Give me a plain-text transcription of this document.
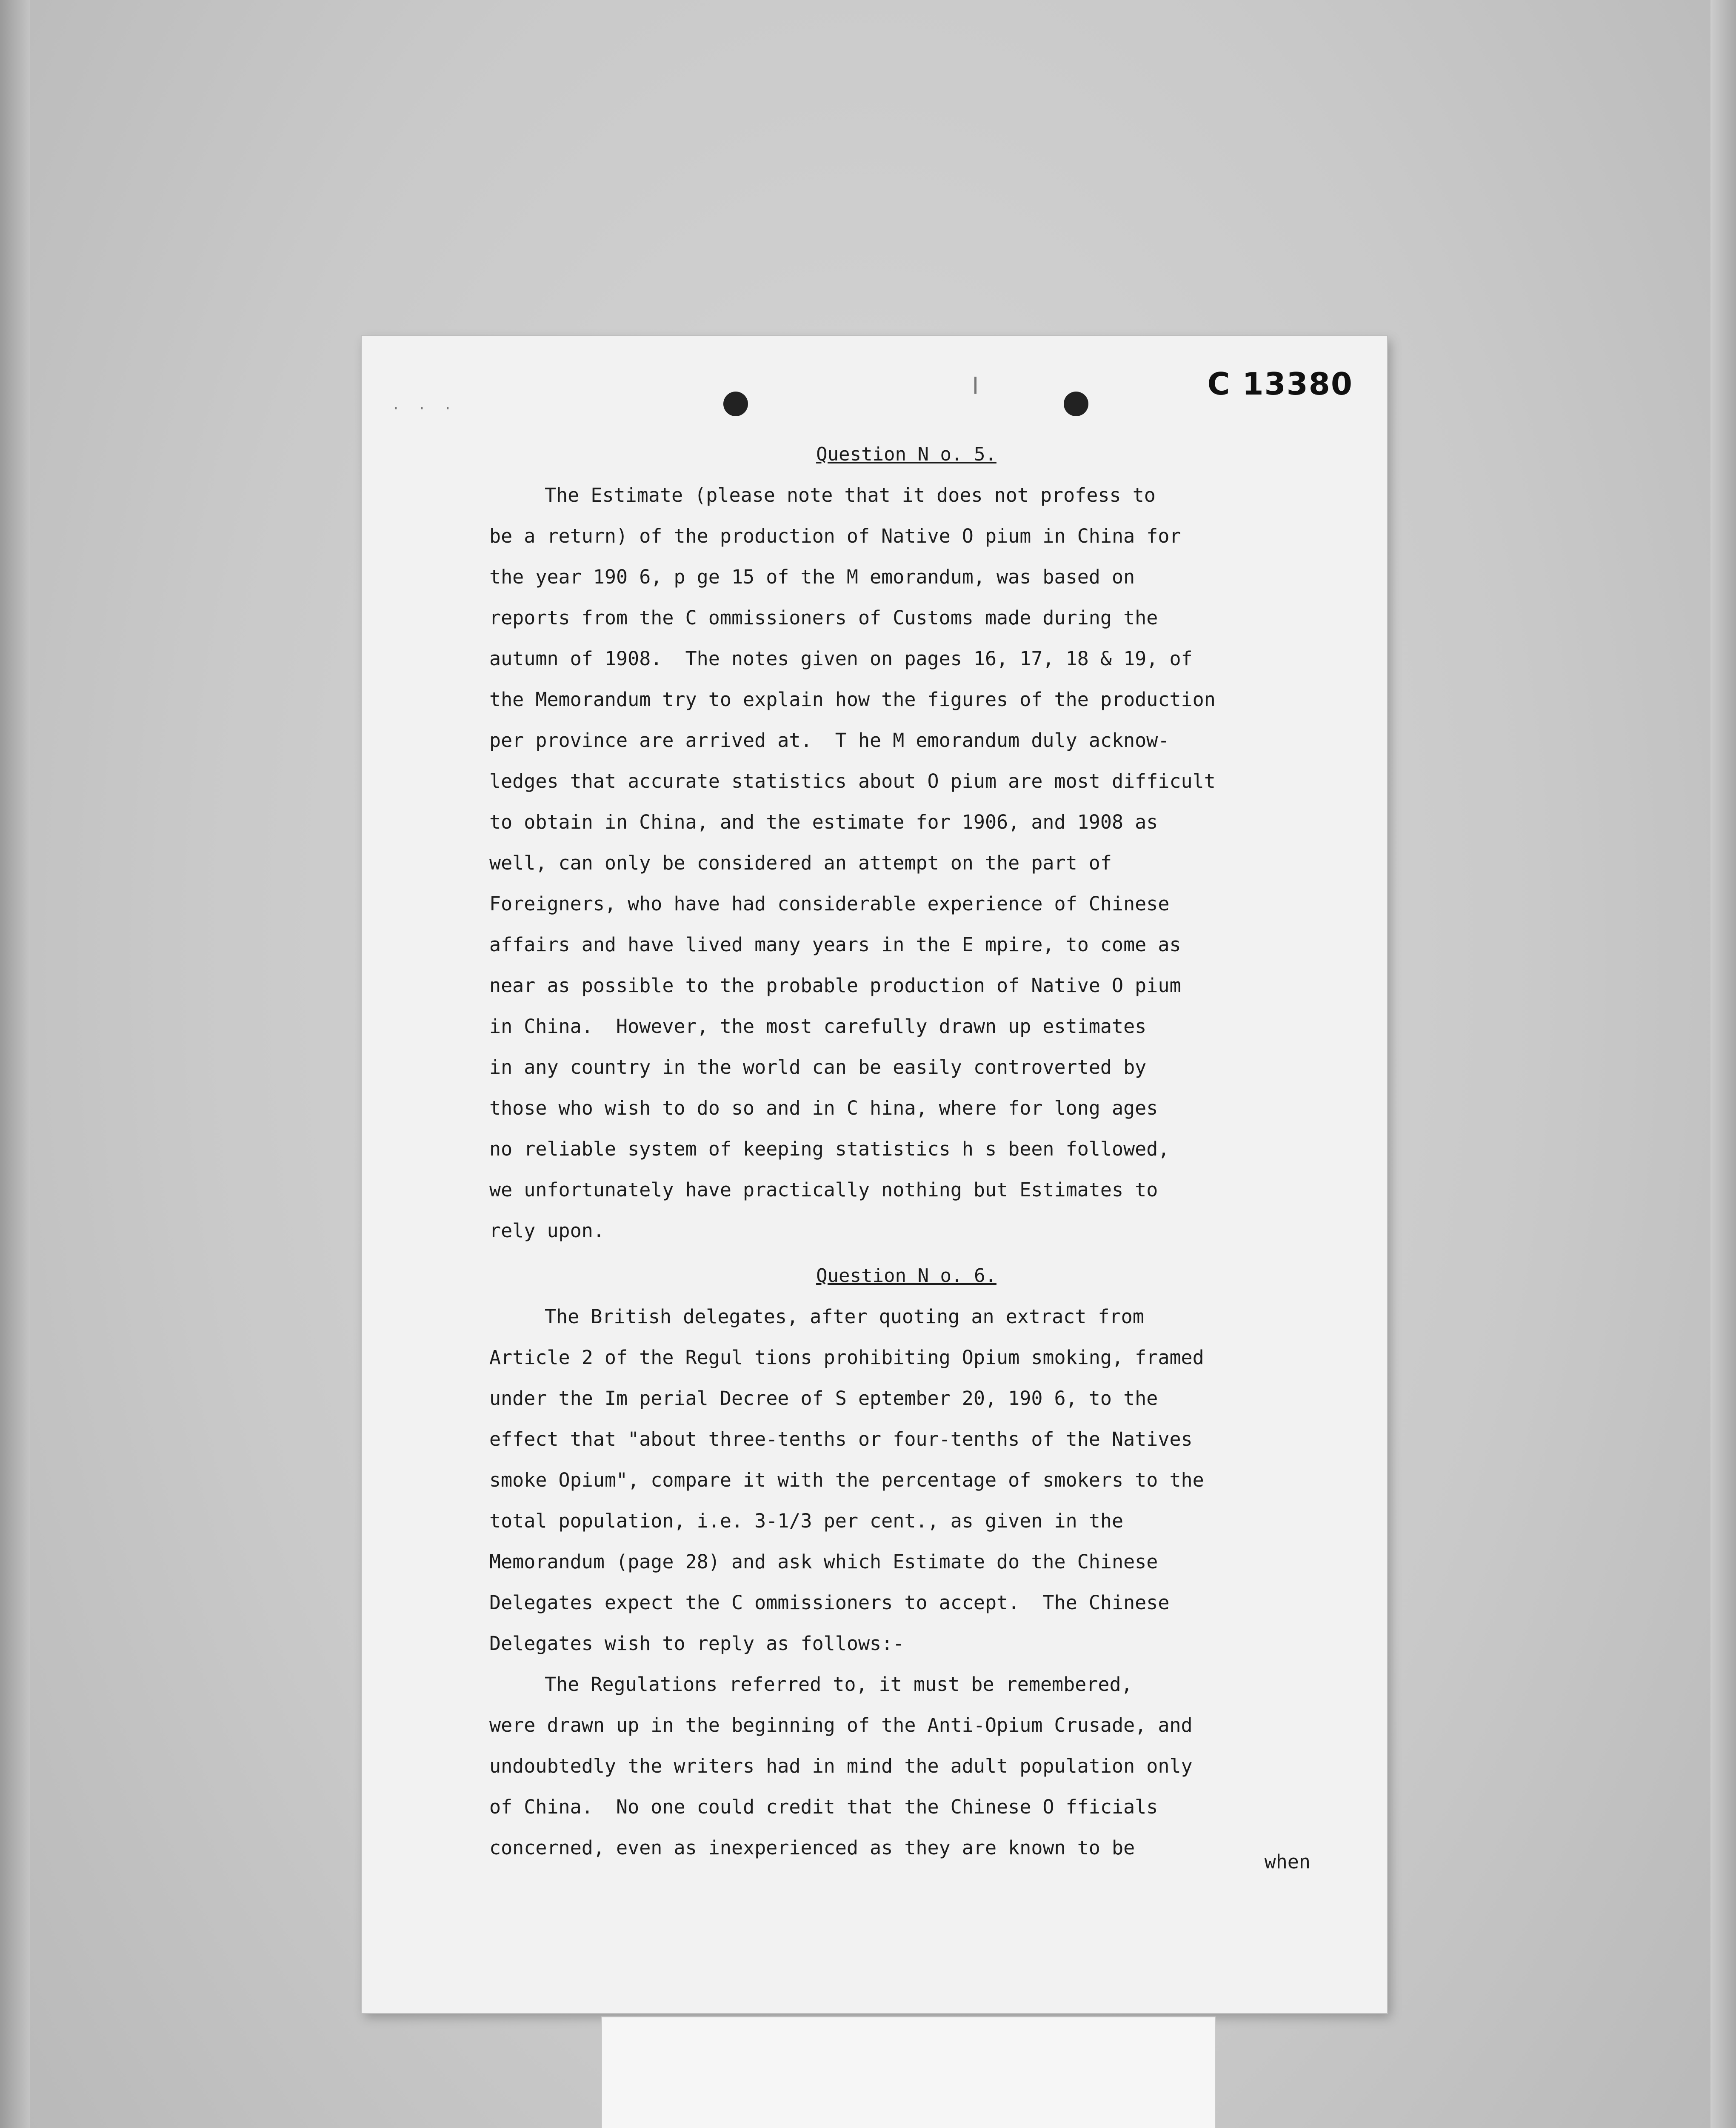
· · ·
C 13380
Question N o. 5.
The Estimate (please note that it does not profess to
be a return) of the production of Native O pium in China for
the year 190 6, p ge 15 of the M emorandum, was based on
reports from the C ommissioners of Customs made during the
autumn of 1908.  The notes given on pages 16, 17, 18 & 19, of
the Memorandum try to explain how the figures of the production
per province are arrived at.  T he M emorandum duly acknow-
ledges that accurate statistics about O pium are most difficult
to obtain in China, and the estimate for 1906, and 1908 as
well, can only be considered an attempt on the part of
Foreigners, who have had considerable experience of Chinese
affairs and have lived many years in the E mpire, to come as
near as possible to the probable production of Native O pium
in China.  However, the most carefully drawn up estimates
in any country in the world can be easily controverted by
those who wish to do so and in C hina, where for long ages
no reliable system of keeping statistics h s been followed,
we unfortunately have practically nothing but Estimates to
rely upon.
Question N o. 6.
The British delegates, after quoting an extract from
Article 2 of the Regul tions prohibiting Opium smoking, framed
under the Im perial Decree of S eptember 20, 190 6, to the
effect that "about three-tenths or four-tenths of the Natives
smoke Opium", compare it with the percentage of smokers to the
total population, i.e. 3-1/3 per cent., as given in the
Memorandum (page 28) and ask which Estimate do the Chinese
Delegates expect the C ommissioners to accept.  The Chinese
Delegates wish to reply as follows:-
The Regulations referred to, it must be remembered,
were drawn up in the beginning of the Anti-Opium Crusade, and
undoubtedly the writers had in mind the adult population only
of China.  No one could credit that the Chinese O fficials
concerned, even as inexperienced as they are known to be
when
